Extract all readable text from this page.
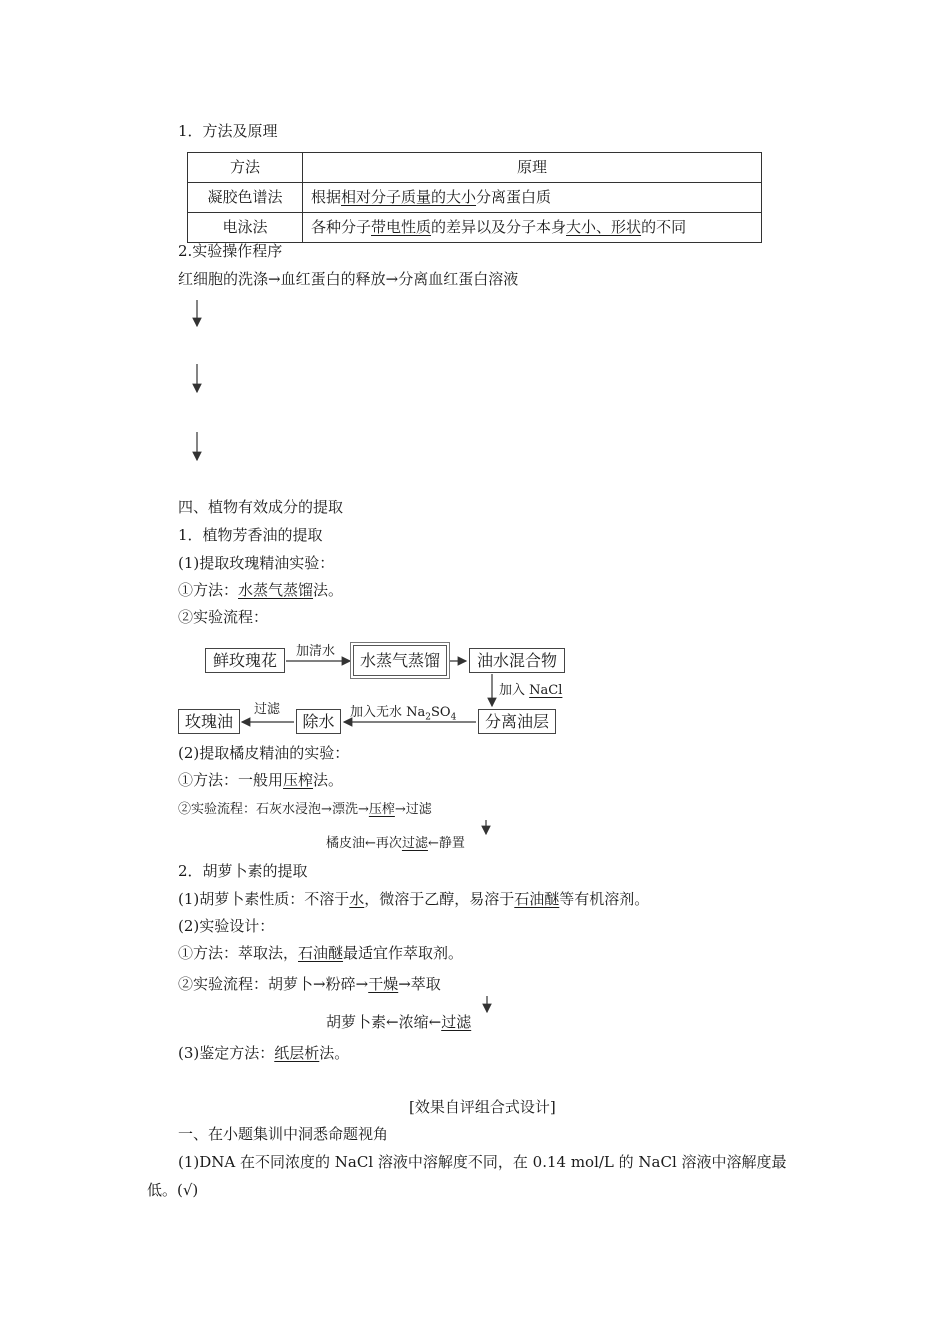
1．方法及原理
方法	原理
凝胶色谱法	根据相对分子质量的大小分离蛋白质
电泳法	各种分子带电性质的差异以及分子本身大小、形状的不同
2.实验操作程序
红细胞的洗涤→血红蛋白的释放→分离血红蛋白溶液
四、植物有效成分的提取
1．植物芳香油的提取
(1)提取玫瑰精油实验：
①方法：水蒸气蒸馏法。
②实验流程：
鲜玫瑰花	水蒸气蒸馏	油水混合物
分离油层
除水
玫瑰油
加清水
加入 NaCl
加入无水 $Na_2SO_4$
过滤
(2)提取橘皮精油的实验：
①方法：一般用压榨法。
②实验流程：石灰水浸泡→漂洗→压榨→过滤
橘皮油←再次过滤←静置
2．胡萝卜素的提取
(1)胡萝卜素性质：不溶于水，微溶于乙醇，易溶于石油醚等有机溶剂。
(2)实验设计：
①方法：萃取法，石油醚最适宜作萃取剂。
②实验流程：胡萝卜→粉碎→干燥→萃取
胡萝卜素←浓缩←过滤
(3)鉴定方法：纸层析法。
[效果自评组合式设计]
一、在小题集训中洞悉命题视角
(1)DNA 在不同浓度的 NaCl 溶液中溶解度不同，在 0.14 mol/L 的 NaCl 溶液中溶解度最
低。(√)
